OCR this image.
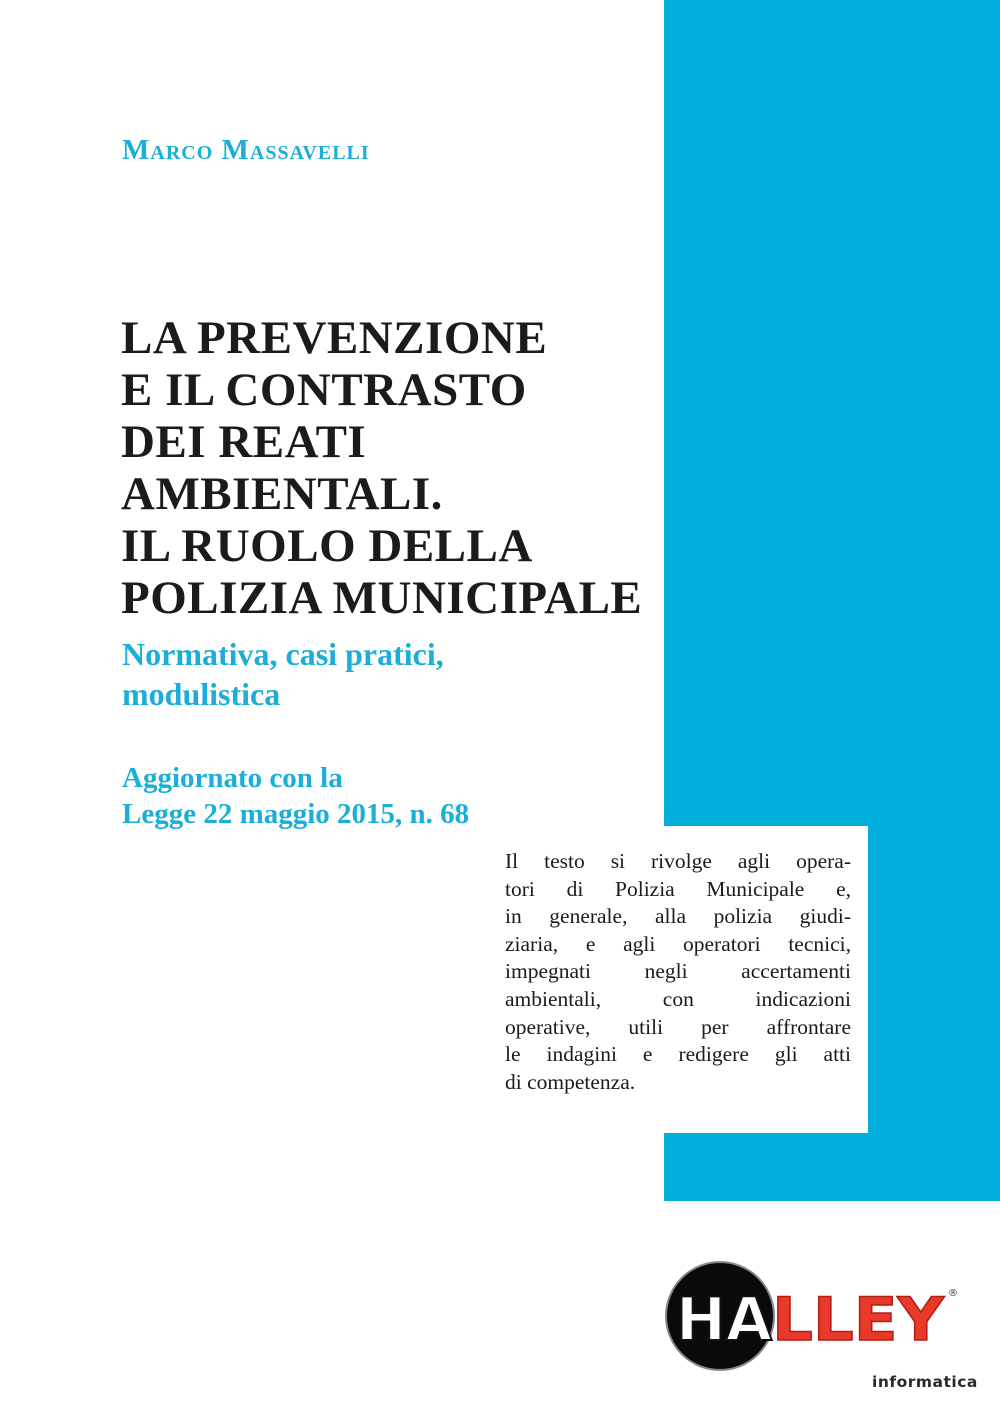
Marco Massavelli
LA PREVENZIONE
E IL CONTRASTO
DEI REATI
AMBIENTALI.
IL RUOLO DELLA
POLIZIA MUNICIPALE
Normativa, casi pratici,
modulistica
Aggiornato con la
Legge 22 maggio 2015, n. 68
Il testo si rivolge agli opera-
tori di Polizia Municipale e,
in generale, alla polizia giudi-
ziaria, e agli operatori tecnici,
impegnati negli accertamenti
ambientali, con indicazioni
operative, utili per affrontare
le indagini e redigere gli atti
di competenza.
HA LLEY ®
informatica
